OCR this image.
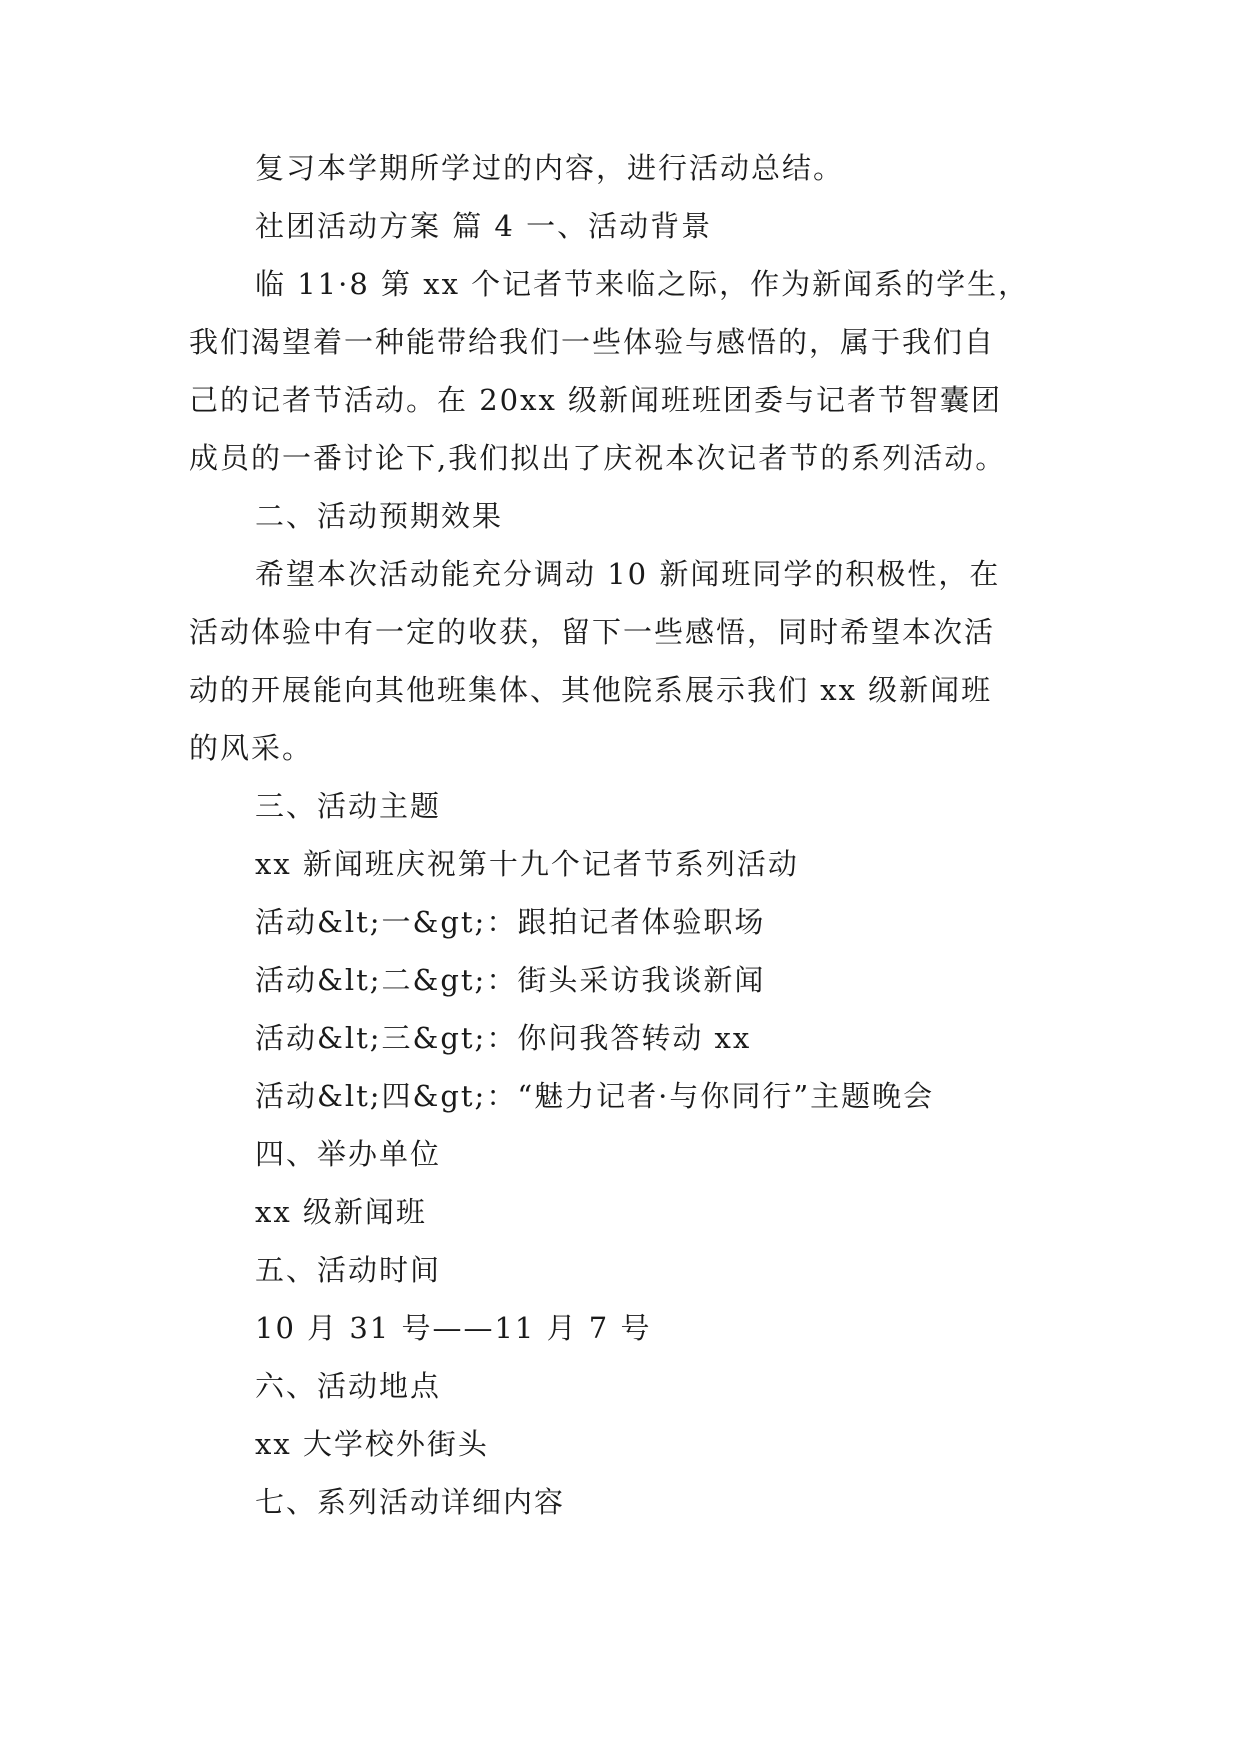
复习本学期所学过的内容，进行活动总结。
社团活动方案 篇 4 一、活动背景
临 11·8 第 xx 个记者节来临之际，作为新闻系的学生，
我们渴望着一种能带给我们一些体验与感悟的，属于我们自
己的记者节活动。在 20xx 级新闻班班团委与记者节智囊团
成员的一番讨论下,我们拟出了庆祝本次记者节的系列活动。
二、活动预期效果
希望本次活动能充分调动 10 新闻班同学的积极性，在
活动体验中有一定的收获，留下一些感悟，同时希望本次活
动的开展能向其他班集体、其他院系展示我们 xx 级新闻班
的风采。
三、活动主题
xx 新闻班庆祝第十九个记者节系列活动
活动&lt;一&gt;：跟拍记者体验职场
活动&lt;二&gt;：街头采访我谈新闻
活动&lt;三&gt;：你问我答转动 xx
活动&lt;四&gt;：“魅力记者·与你同行”主题晚会
四、举办单位
xx 级新闻班
五、活动时间
10 月 31 号——11 月 7 号
六、活动地点
xx 大学校外街头
七、系列活动详细内容
